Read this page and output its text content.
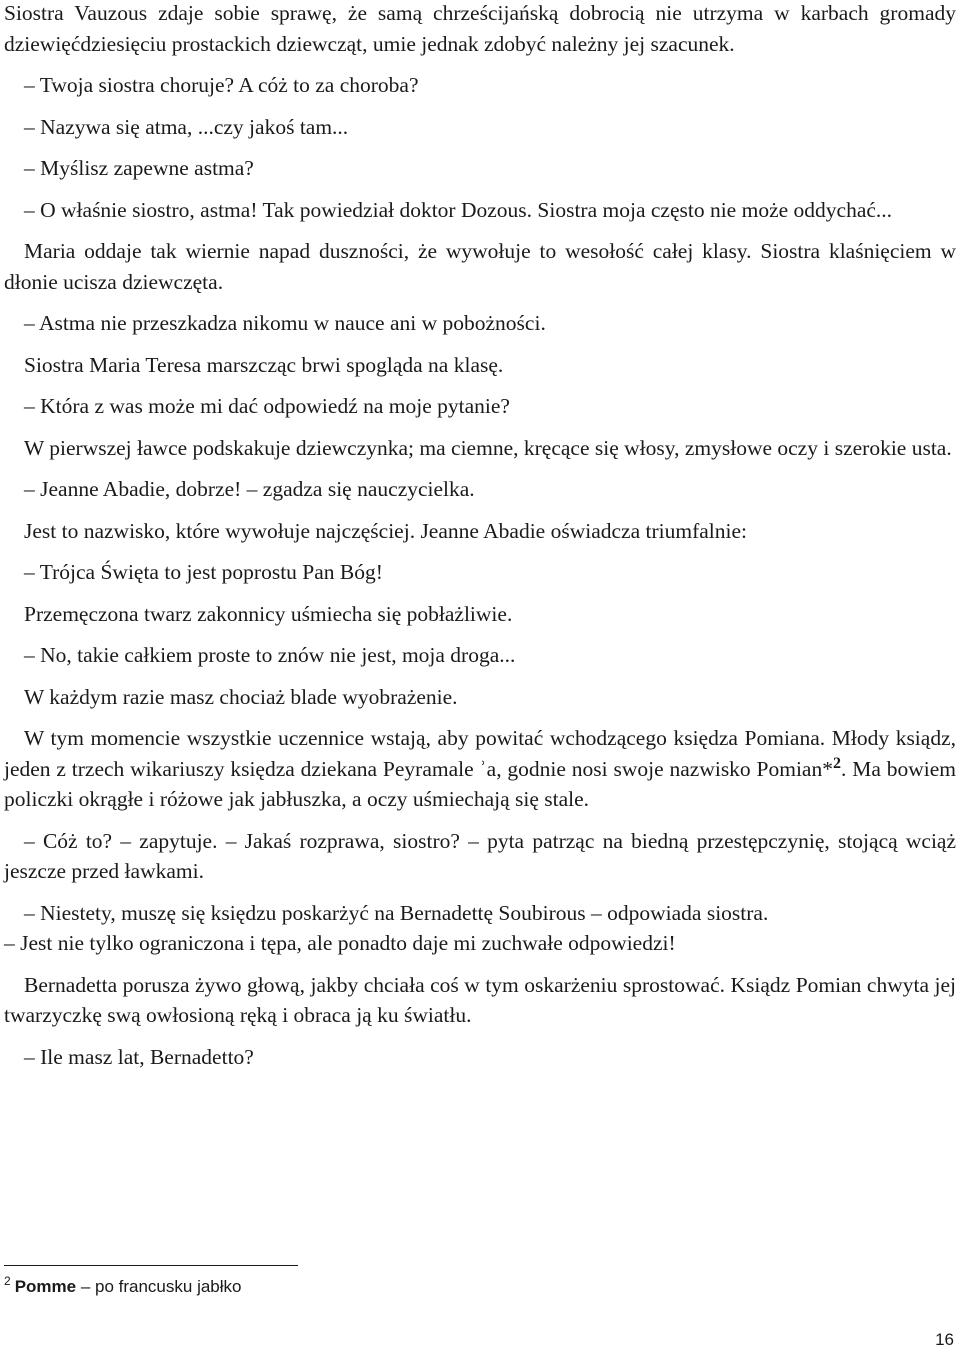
Siostra Vauzous zdaje sobie sprawę, że samą chrześcijańską dobrocią nie utrzyma w karbach gromady dziewięćdziesięciu prostackich dziewcząt, umie jednak zdobyć należny jej szacunek.

– Twoja siostra choruje? A cóż to za choroba?

– Nazywa się atma, ...czy jakoś tam...

– Myślisz zapewne astma?

– O właśnie siostro, astma! Tak powiedział doktor Dozous. Siostra moja często nie może oddychać...

Maria oddaje tak wiernie napad duszności, że wywołuje to wesołość całej klasy. Siostra klaśnięciem w dłonie ucisza dziewczęta.

– Astma nie przeszkadza nikomu w nauce ani w pobożności.

Siostra Maria Teresa marszcząc brwi spogląda na klasę.

– Która z was może mi dać odpowiedź na moje pytanie?

W pierwszej ławce podskakuje dziewczynka; ma ciemne, kręcące się włosy, zmysłowe oczy i szerokie usta.

– Jeanne Abadie, dobrze! – zgadza się nauczycielka.

Jest to nazwisko, które wywołuje najczęściej. Jeanne Abadie oświadcza triumfalnie:

– Trójca Święta to jest poprostu Pan Bóg!

Przemęczona twarz zakonnicy uśmiecha się pobłażliwie.

– No, takie całkiem proste to znów nie jest, moja droga...

W każdym razie masz chociaż blade wyobrażenie.

W tym momencie wszystkie uczennice wstają, aby powitać wchodzącego księdza Pomiana. Młody ksiądz, jeden z trzech wikariuszy księdza dziekana Peyramale ʾa, godnie nosi swoje nazwisko Pomian*$^2$. Ma bowiem policzki okrągłe i różowe jak jabłuszka, a oczy uśmiechają się stale.

– Cóż to? – zapytuje. – Jakaś rozprawa, siostro? – pyta patrząc na biedną przestępczynię, stojącą wciąż jeszcze przed ławkami.

– Niestety, muszę się księdzu poskarżyć na Bernadettę Soubirous – odpowiada siostra.

– Jest nie tylko ograniczona i tępa, ale ponadto daje mi zuchwałe odpowiedzi!

Bernadetta porusza żywo głową, jakby chciała coś w tym oskarżeniu sprostować. Ksiądz Pomian chwyta jej twarzyczkę swą owłosioną ręką i obraca ją ku światłu.

– Ile masz lat, Bernadetto?

$^2$ Pomme – po francusku jabłko
16
